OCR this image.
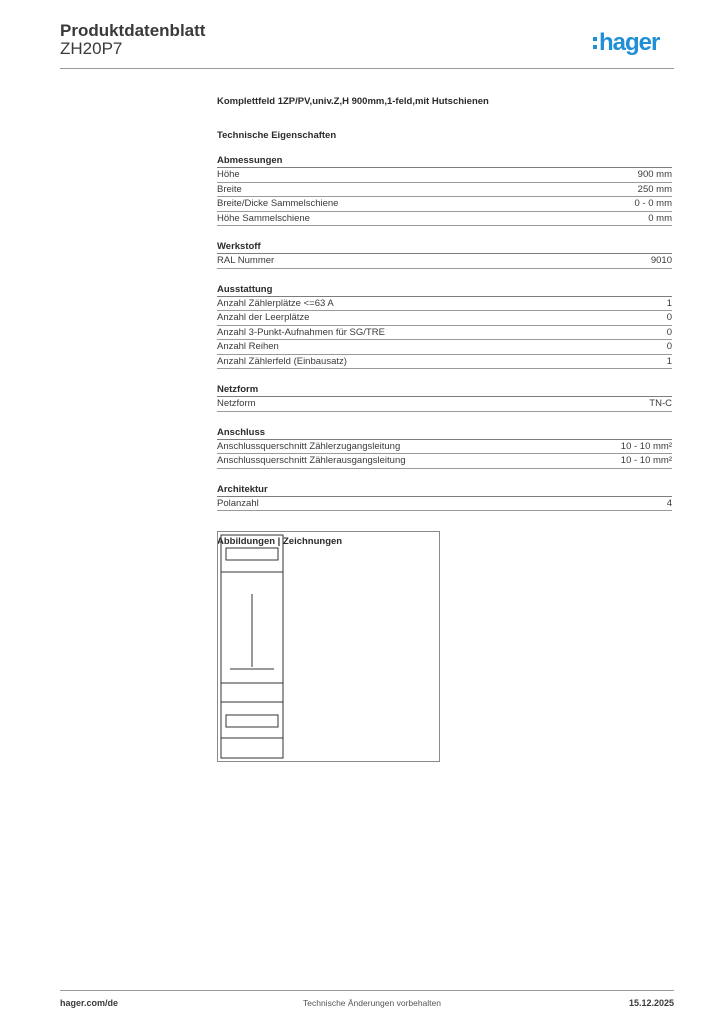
Produktdatenblatt
ZH20P7	hager
Komplettfeld 1ZP/PV,univ.Z,H 900mm,1-feld,mit Hutschienen
Technische Eigenschaften
Abmessungen
Höhe	900 mm
Breite	250 mm
Breite/Dicke Sammelschiene	0 - 0 mm
Höhe Sammelschiene	0 mm
Werkstoff
RAL Nummer	9010
Ausstattung
Anzahl Zählerplätze <=63 A	1
Anzahl der Leerplätze	0
Anzahl 3-Punkt-Aufnahmen für SG/TRE	0
Anzahl Reihen	0
Anzahl Zählerfeld (Einbausatz)	1
Netzform
Netzform	TN-C
Anschluss
Anschlussquerschnitt Zählerzugangsleitung	10 - 10 mm²
Anschlussquerschnitt Zählerausgangsleitung	10 - 10 mm²
Architektur
Polanzahl	4
Abbildungen | Zeichnungen
hager.com/de	Technische Änderungen vorbehalten	15.12.2025
